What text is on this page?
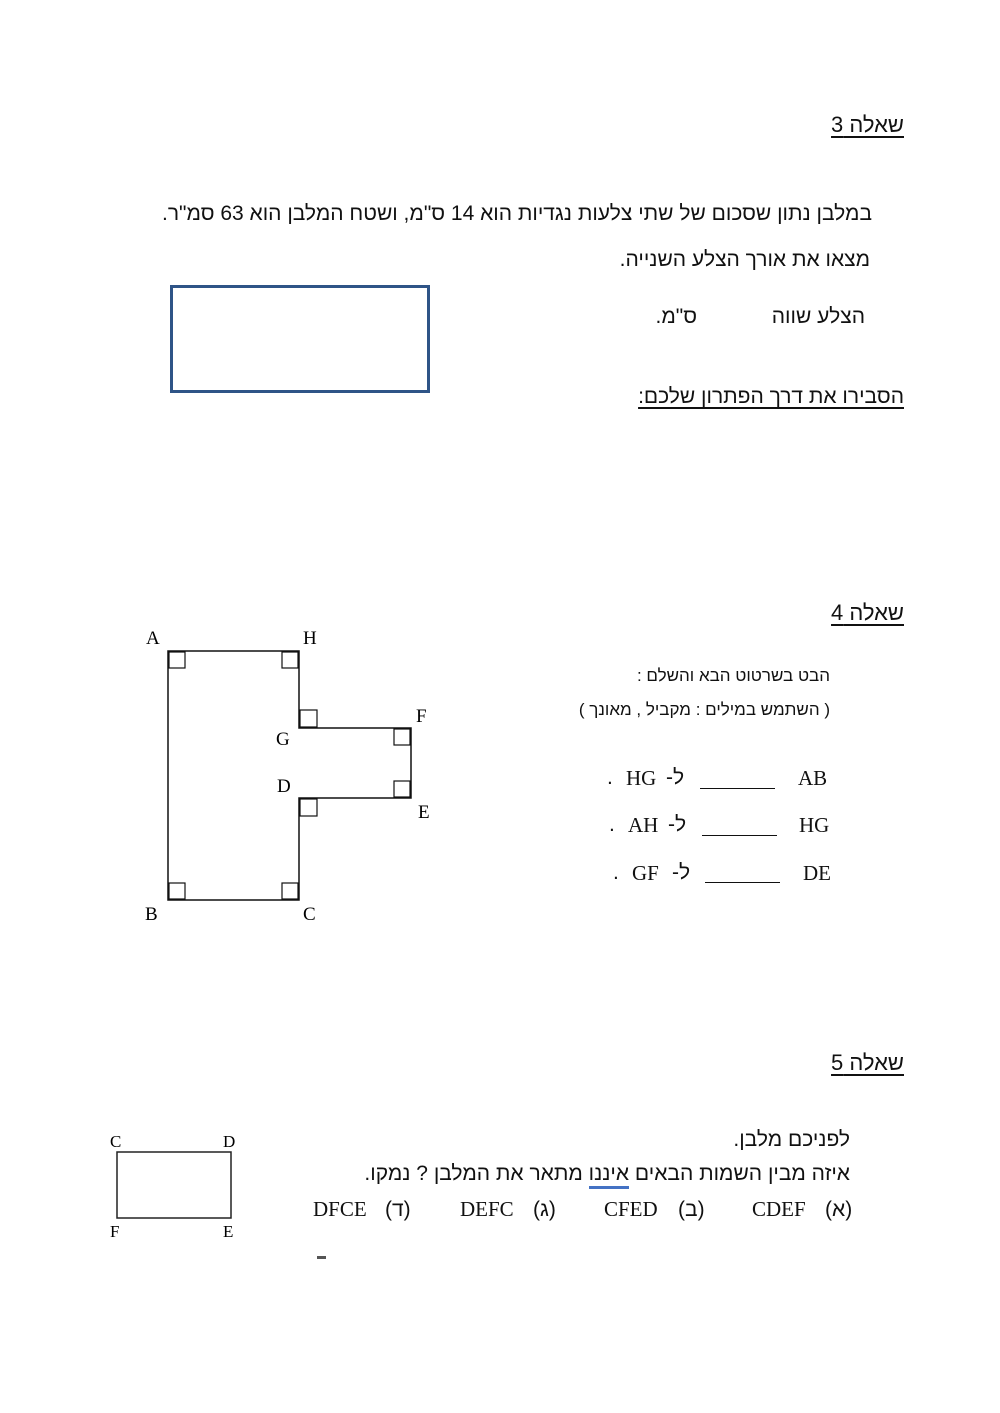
שאלה 3
במלבן נתון שסכום של שתי צלעות נגדיות הוא 14 ס"מ, ושטח המלבן הוא 63 סמ"ר.
מצאו את אורך הצלע השנייה.
הצלע שווה
ס"מ.
הסבירו את דרך הפתרון שלכם:
שאלה 4
הבט בשרטוט הבא והשלם :
( השתמש במילים : מקביל , מאונך )
AB
ל-
HG
.
HG
ל-
AH
.
DE
ל-
GF
.
A	H
G
F
D
E
B	C
שאלה 5
לפניכם מלבן.
איזה מבין השמות הבאים איננו מתאר את המלבן ? נמקו.
(א)
CDEF
(ב)
CFED
(ג)
DEFC
(ד)
DFCE
C	D
F	E
